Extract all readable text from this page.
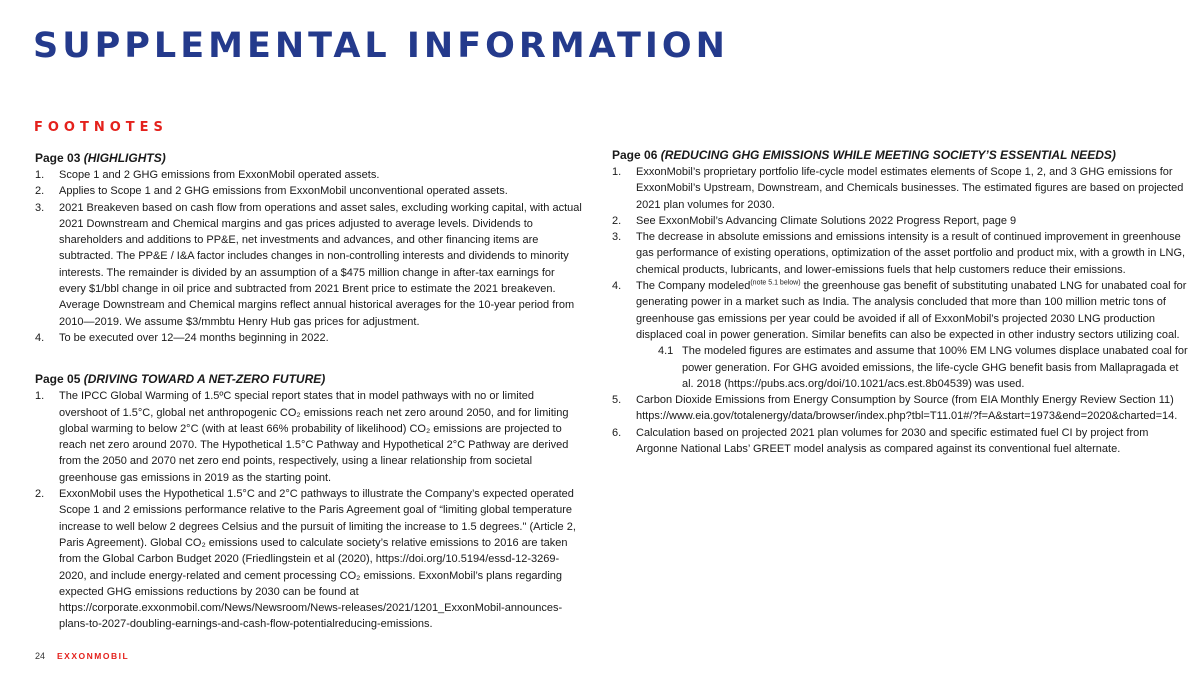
SUPPLEMENTAL INFORMATION
FOOTNOTES
Page 03 (HIGHLIGHTS)
1. Scope 1 and 2 GHG emissions from ExxonMobil operated assets.
2. Applies to Scope 1 and 2 GHG emissions from ExxonMobil unconventional operated assets.
3. 2021 Breakeven based on cash flow from operations and asset sales, excluding working capital, with actual 2021 Downstream and Chemical margins and gas prices adjusted to average levels. Dividends to shareholders and additions to PP&E, net investments and advances, and other financing items are subtracted. The PP&E / I&A factor includes changes in non-controlling interests and dividends to minority interests. The remainder is divided by an assumption of a $475 million change in after-tax earnings for every $1/bbl change in oil price and subtracted from 2021 Brent price to estimate the 2021 breakeven. Average Downstream and Chemical margins reflect annual historical averages for the 10-year period from 2010—2019. We assume $3/mmbtu Henry Hub gas prices for adjustment.
4. To be executed over 12—24 months beginning in 2022.
Page 05 (DRIVING TOWARD A NET-ZERO FUTURE)
1. The IPCC Global Warming of 1.5ºC special report states that in model pathways with no or limited overshoot of 1.5°C, global net anthropogenic CO₂ emissions reach net zero around 2050, and for limiting global warming to below 2°C (with at least 66% probability of likelihood) CO₂ emissions are projected to reach net zero around 2070. The Hypothetical 1.5°C Pathway and Hypothetical 2°C Pathway are derived from the 2050 and 2070 net zero end points, respectively, using a linear relationship from societal greenhouse gas emissions in 2019 as the starting point.
2. ExxonMobil uses the Hypothetical 1.5°C and 2°C pathways to illustrate the Company’s expected operated Scope 1 and 2 emissions performance relative to the Paris Agreement goal of “limiting global temperature increase to well below 2 degrees Celsius and the pursuit of limiting the increase to 1.5 degrees." (Article 2, Paris Agreement). Global CO₂ emissions used to calculate society’s relative emissions to 2016 are taken from the Global Carbon Budget 2020 (Friedlingstein et al (2020), https://doi.org/10.5194/essd-12-3269-2020, and include energy-related and cement processing CO₂ emissions. ExxonMobil’s plans regarding expected GHG emissions reductions by 2030 can be found at https://corporate.exxonmobil.com/News/Newsroom/News-releases/2021/1201_ExxonMobil-announces-plans-to-2027-doubling-earnings-and-cash-flow-potentialreducing-emissions.
Page 06 (REDUCING GHG EMISSIONS WHILE MEETING SOCIETY’S ESSENTIAL NEEDS)
1. ExxonMobil’s proprietary portfolio life-cycle model estimates elements of Scope 1, 2, and 3 GHG emissions for ExxonMobil’s Upstream, Downstream, and Chemicals businesses. The estimated figures are based on projected 2021 plan volumes for 2030.
2. See ExxonMobil’s Advancing Climate Solutions 2022 Progress Report, page 9
3. The decrease in absolute emissions and emissions intensity is a result of continued improvement in greenhouse gas performance of existing operations, optimization of the asset portfolio and product mix, with a growth in LNG, chemical products, lubricants, and lower-emissions fuels that help customers reduce their emissions.
4. The Company modeled$^{(note 5.1 below)}$ the greenhouse gas benefit of substituting unabated LNG for unabated coal for generating power in a market such as India. The analysis concluded that more than 100 million metric tons of greenhouse gas emissions per year could be avoided if all of ExxonMobil’s projected 2030 LNG production displaced coal in power generation. Similar benefits can also be expected in other industry sectors utilizing coal.
4.1 The modeled figures are estimates and assume that 100% EM LNG volumes displace unabated coal for power generation. For GHG avoided emissions, the life-cycle GHG benefit basis from Mallapragada et al. 2018 (https://pubs.acs.org/doi/10.1021/acs.est.8b04539) was used.
5. Carbon Dioxide Emissions from Energy Consumption by Source (from EIA Monthly Energy Review Section 11) https://www.eia.gov/totalenergy/data/browser/index.php?tbl=T11.01#/?f=A&start=1973&end=2020&charted=14.
6. Calculation based on projected 2021 plan volumes for 2030 and specific estimated fuel CI by project from Argonne National Labs’ GREET model analysis as compared against its conventional fuel alternate.
24 EXXONMOBIL
